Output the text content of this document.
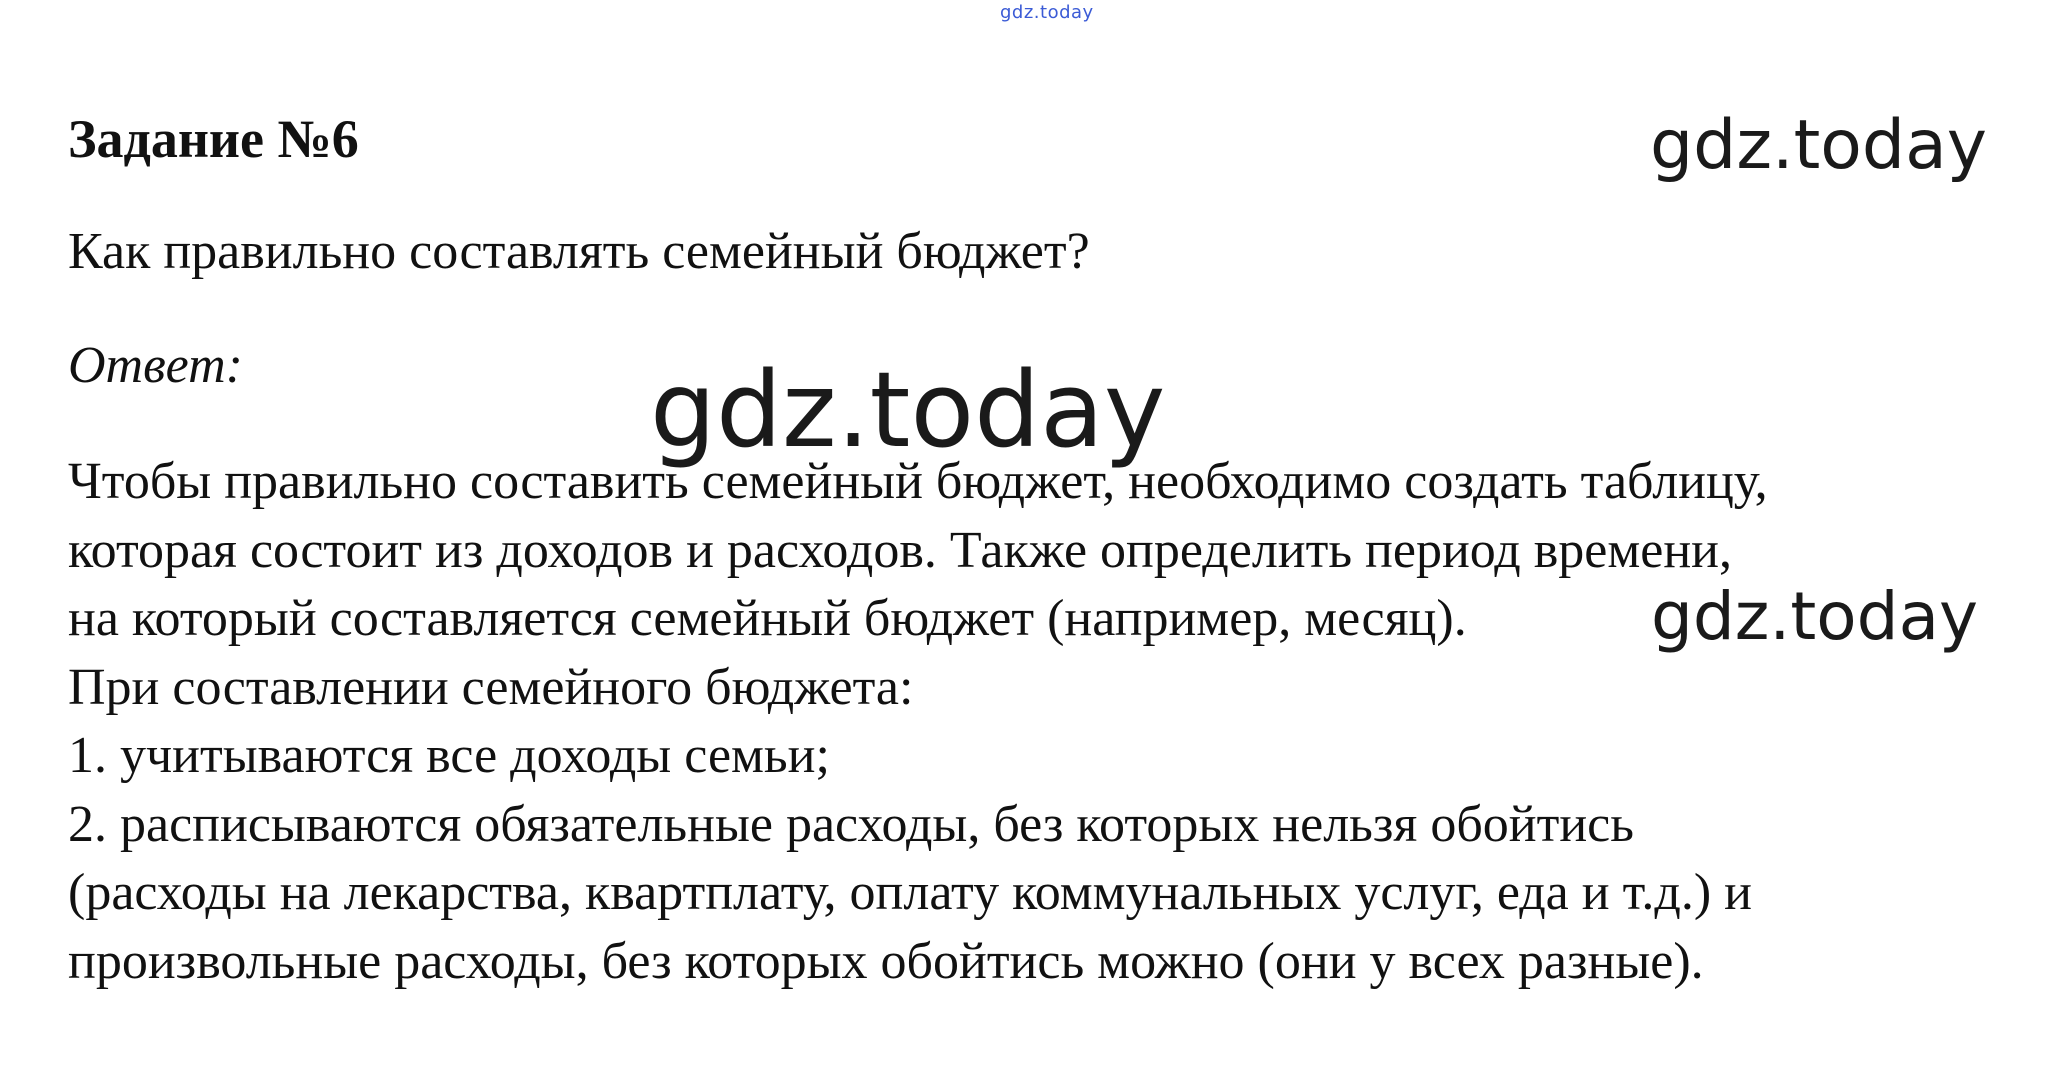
gdz.today
Задание №6	gdz.today
Как правильно составлять семейный бюджет?
Ответ:	gdz.today
Чтобы правильно составить семейный бюджет, необходимо создать таблицу,
которая состоит из доходов и расходов. Также определить период времени,
на который составляется семейный бюджет (например, месяц).
При составлении семейного бюджета:
1. учитываются все доходы семьи;
2. расписываются обязательные расходы, без которых нельзя обойтись
(расходы на лекарства, квартплату, оплату коммунальных услуг, еда и т.д.) и
произвольные расходы, без которых обойтись можно (они у всех разные).
gdz.today
